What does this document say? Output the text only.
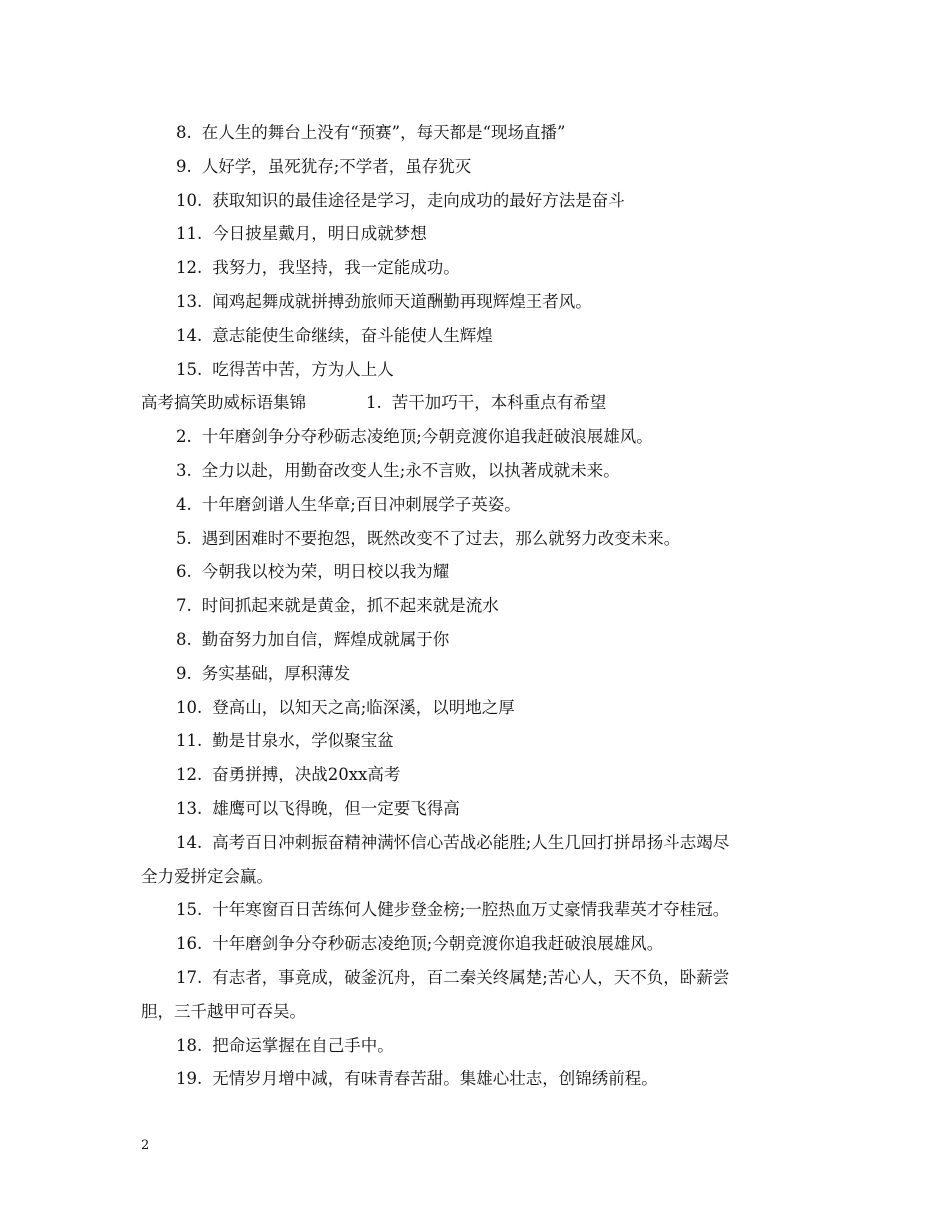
8. 在人生的舞台上没有“预赛”，每天都是“现场直播”
9. 人好学，虽死犹存;不学者，虽存犹灭
10. 获取知识的最佳途径是学习，走向成功的最好方法是奋斗
11. 今日披星戴月，明日成就梦想
12. 我努力，我坚持，我一定能成功。
13. 闻鸡起舞成就拼搏劲旅师天道酬勤再现辉煌王者风。
14. 意志能使生命继续，奋斗能使人生辉煌
15. 吃得苦中苦，方为人上人
高考搞笑助威标语集锦	1. 苦干加巧干，本科重点有希望
2. 十年磨剑争分夺秒砺志凌绝顶;今朝竞渡你追我赶破浪展雄风。
3. 全力以赴，用勤奋改变人生;永不言败，以执著成就未来。
4. 十年磨剑谱人生华章;百日冲刺展学子英姿。
5. 遇到困难时不要抱怨，既然改变不了过去，那么就努力改变未来。
6. 今朝我以校为荣，明日校以我为耀
7. 时间抓起来就是黄金，抓不起来就是流水
8. 勤奋努力加自信，辉煌成就属于你
9. 务实基础，厚积薄发
10. 登高山，以知天之高;临深溪，以明地之厚
11. 勤是甘泉水，学似聚宝盆
12. 奋勇拼搏，决战20xx高考
13. 雄鹰可以飞得晚，但一定要飞得高
14. 高考百日冲刺振奋精神满怀信心苦战必能胜;人生几回打拼昂扬斗志竭尽
全力爱拼定会赢。
15. 十年寒窗百日苦练何人健步登金榜;一腔热血万丈豪情我辈英才夺桂冠。
16. 十年磨剑争分夺秒砺志凌绝顶;今朝竞渡你追我赶破浪展雄风。
17. 有志者，事竟成，破釜沉舟，百二秦关终属楚;苦心人，天不负，卧薪尝
胆，三千越甲可吞吴。
18. 把命运掌握在自己手中。
19. 无情岁月增中减，有味青春苦甜。集雄心壮志，创锦绣前程。
2
